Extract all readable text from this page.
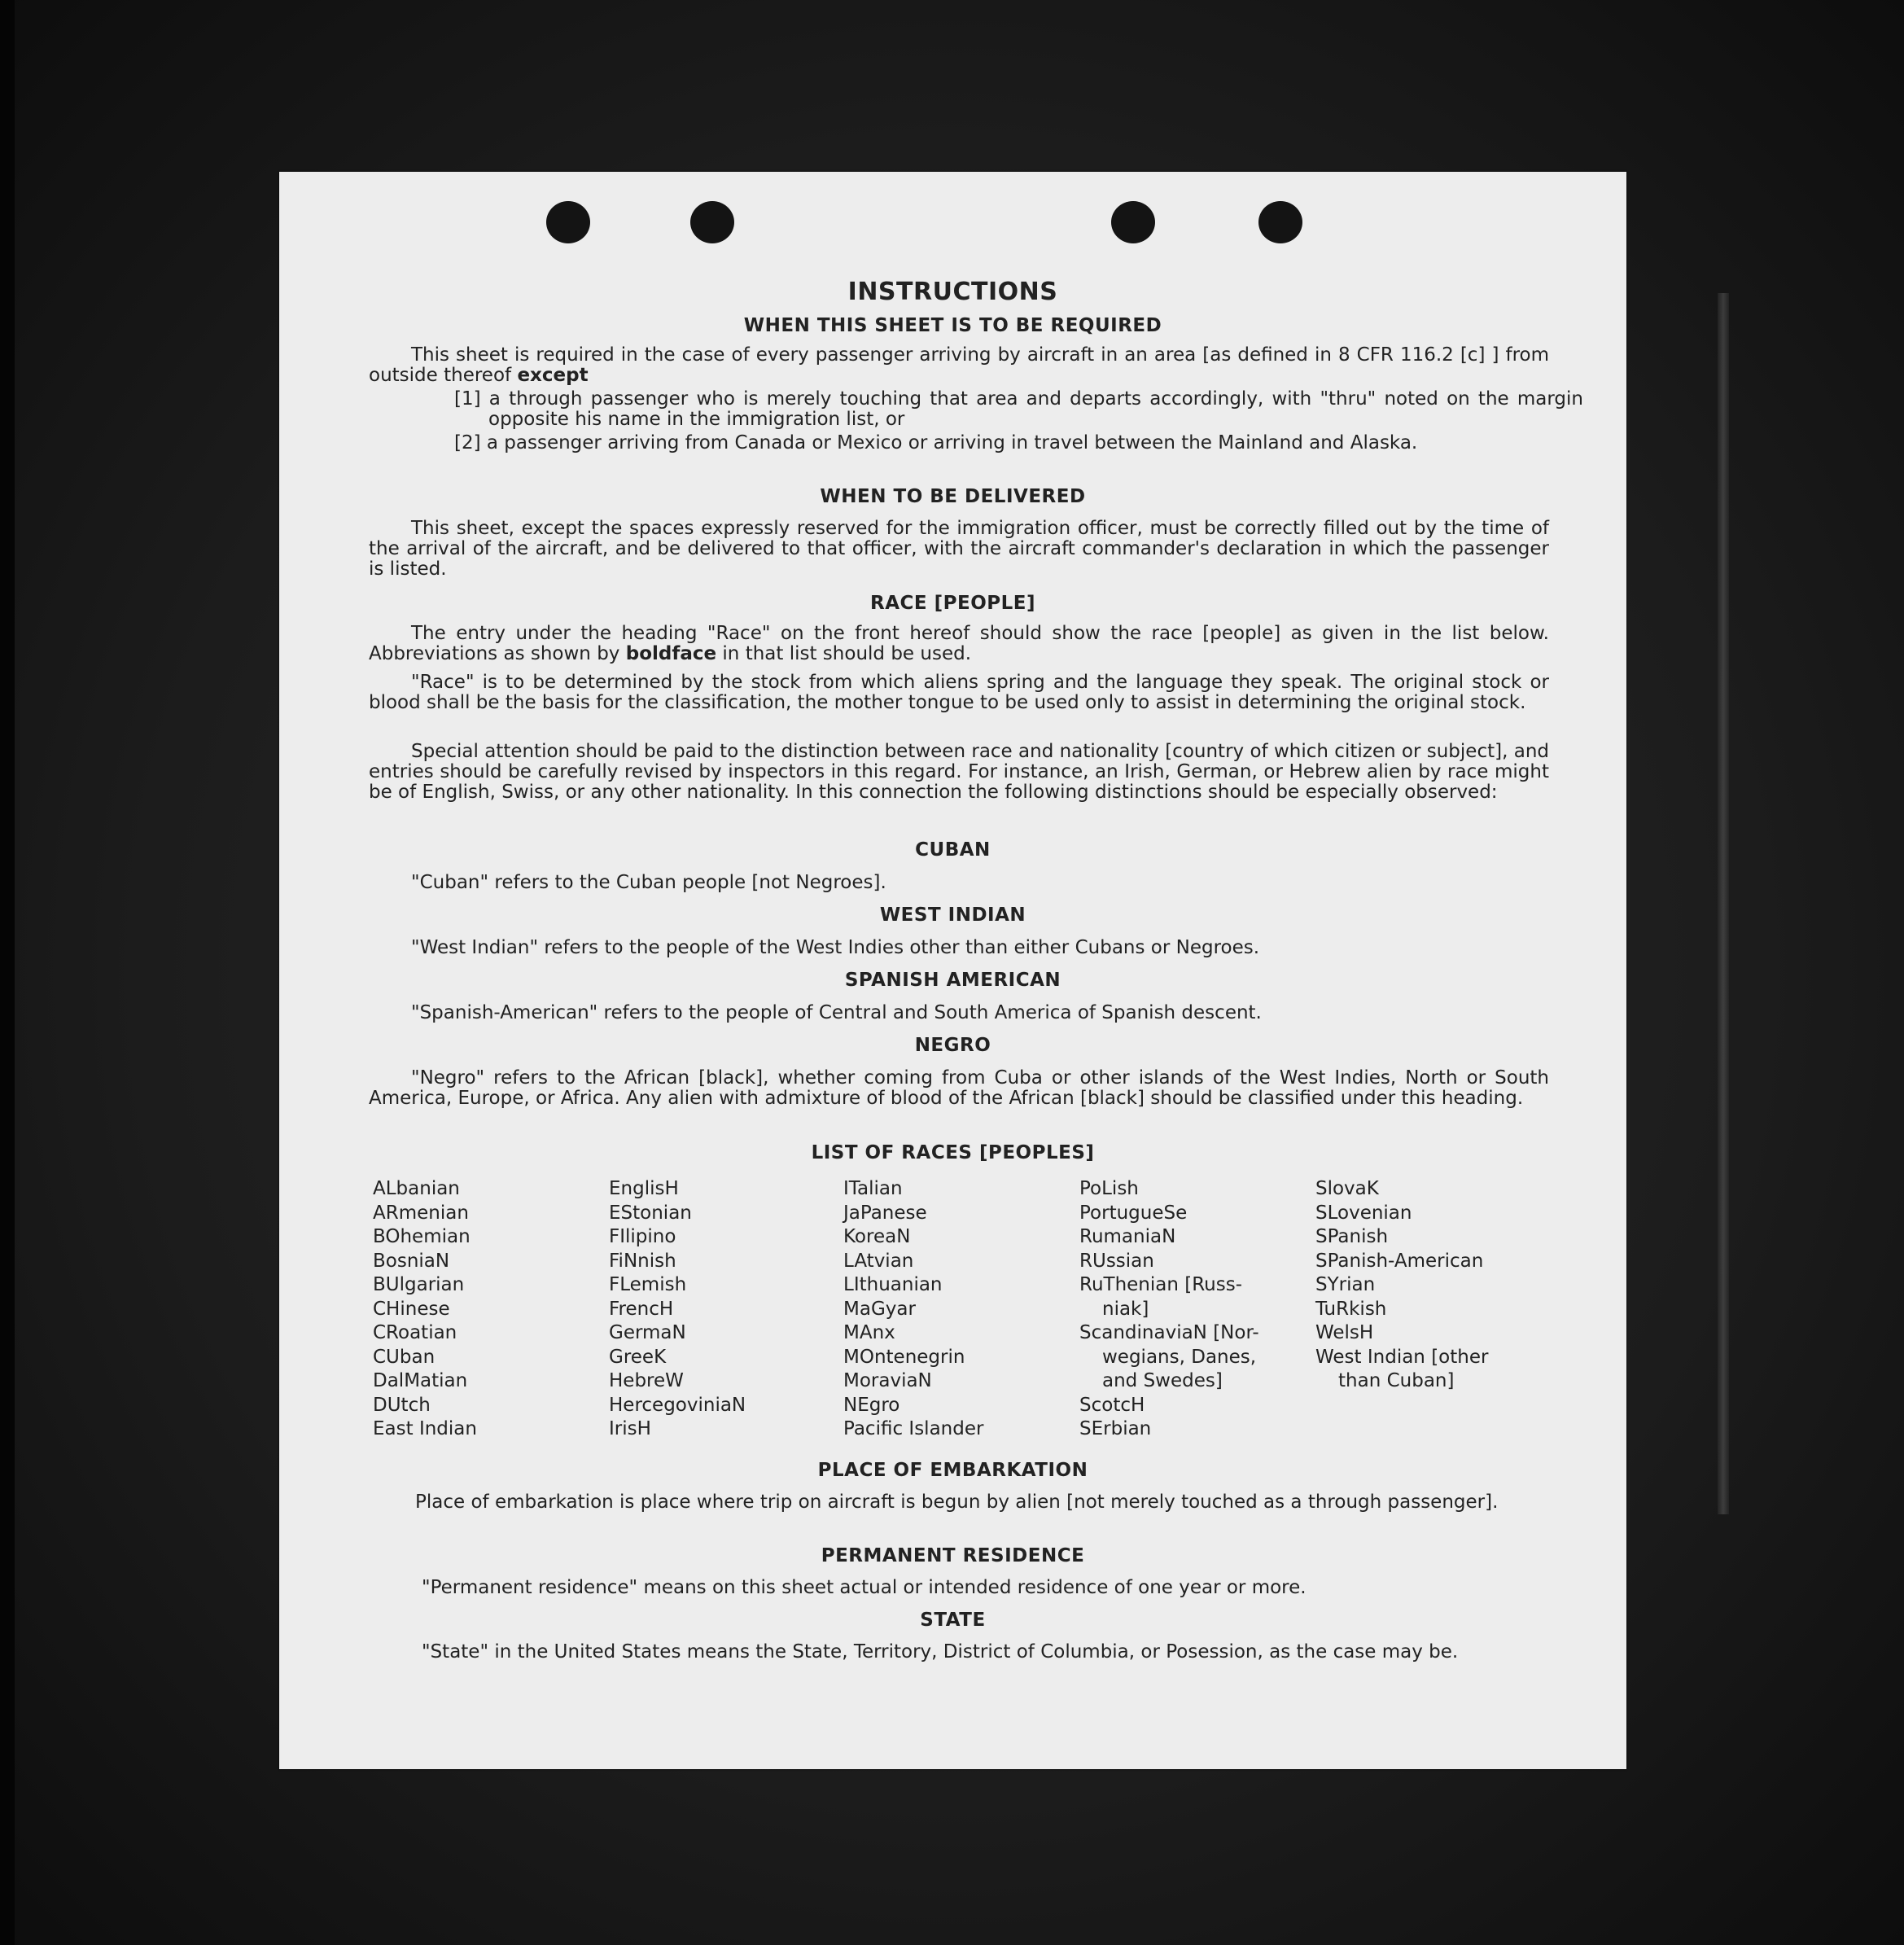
INSTRUCTIONS
WHEN THIS SHEET IS TO BE REQUIRED
This sheet is required in the case of every passenger arriving by aircraft in an area [as defined in 8 CFR 116.2 [c] ] from outside thereof except
[1] a through passenger who is merely touching that area and departs accordingly, with "thru" noted on the margin opposite his name in the immigration list, or
[2] a passenger arriving from Canada or Mexico or arriving in travel between the Mainland and Alaska.
WHEN TO BE DELIVERED
This sheet, except the spaces expressly reserved for the immigration officer, must be correctly filled out by the time of the arrival of the aircraft, and be delivered to that officer, with the aircraft commander's declaration in which the passenger is listed.
RACE [PEOPLE]
The entry under the heading "Race" on the front hereof should show the race [people] as given in the list below. Abbreviations as shown by boldface in that list should be used.
"Race" is to be determined by the stock from which aliens spring and the language they speak. The original stock or blood shall be the basis for the classification, the mother tongue to be used only to assist in determining the original stock.
Special attention should be paid to the distinction between race and nationality [country of which citizen or subject], and entries should be carefully revised by inspectors in this regard. For instance, an Irish, German, or Hebrew alien by race might be of English, Swiss, or any other nationality. In this connection the following distinctions should be especially observed:
CUBAN
"Cuban" refers to the Cuban people [not Negroes].
WEST INDIAN
"West Indian" refers to the people of the West Indies other than either Cubans or Negroes.
SPANISH AMERICAN
"Spanish-American" refers to the people of Central and South America of Spanish descent.
NEGRO
"Negro" refers to the African [black], whether coming from Cuba or other islands of the West Indies, North or South America, Europe, or Africa. Any alien with admixture of blood of the African [black] should be classified under this heading.
LIST OF RACES [PEOPLES]
ALbanian
ARmenian
BOhemian
BosniaN
BUlgarian
CHinese
CRoatian
CUban
DalMatian
DUtch
East Indian
EnglisH
EStonian
FIlipino
FiNnish
FLemish
FrencH
GermaN
GreeK
HebreW
HercegoviniaN
IrisH
ITalian
JaPanese
KoreaN
LAtvian
LIthuanian
MaGyar
MAnx
MOntenegrin
MoraviaN
NEgro
Pacific Islander
PoLish
PortugueSe
RumaniaN
RUssian
RuThenian [Russ-
niak]
ScandinaviaN [Nor-
wegians, Danes,
and Swedes]
ScotcH
SErbian
SlovaK
SLovenian
SPanish
SPanish-American
SYrian
TuRkish
WelsH
West Indian [other
than Cuban]
PLACE OF EMBARKATION
Place of embarkation is place where trip on aircraft is begun by alien [not merely touched as a through passenger].
PERMANENT RESIDENCE
"Permanent residence" means on this sheet actual or intended residence of one year or more.
STATE
"State" in the United States means the State, Territory, District of Columbia, or Posession, as the case may be.
